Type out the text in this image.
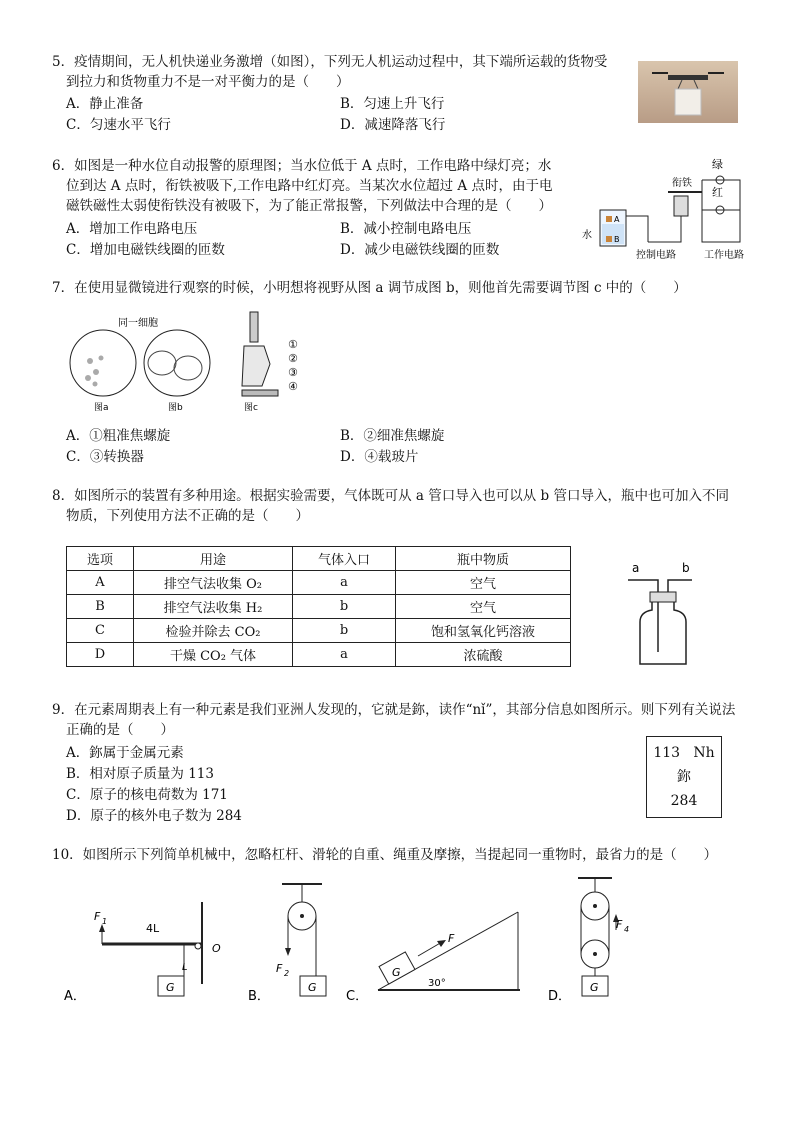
5．疫情期间，无人机快递业务激增（如图），下列无人机运动过程中，其下端所运载的货物受
到拉力和货物重力不是一对平衡力的是（　　）
A．静止准备	B．匀速上升飞行
C．匀速水平飞行	D．减速降落飞行
6．如图是一种水位自动报警的原理图；当水位低于 A 点时，工作电路中绿灯亮；水
位到达 A 点时，衔铁被吸下,工作电路中红灯亮。当某次水位超过 A 点时，由于电
磁铁磁性太弱使衔铁没有被吸下，为了能正常报警，下列做法中合理的是（　　）
A．增加工作电路电压	B．减小控制电路电压
C．增加电磁铁线圈的匝数	D．减少电磁铁线圈的匝数
绿
红
衔铁
A
B
水
控制电路	工作电路
7．在使用显微镜进行观察的时候，小明想将视野从图 a 调节成图 b，则他首先需要调节图 c 中的（　　）
同一细胞
图a	图b	图c
①
②
③
④
A．①粗准焦螺旋	B．②细准焦螺旋
C．③转换器	D．④载玻片
8．如图所示的装置有多种用途。根据实验需要，气体既可从 a 管口导入也可以从 b 管口导入，瓶中也可加入不同
物质，下列使用方法不正确的是（　　）
选项	用途	气体入口	瓶中物质
A	排空气法收集 O₂	a	空气
B	排空气法收集 H₂	b	空气
C	检验并除去 CO₂	b	饱和氢氧化钙溶液
D	干燥 CO₂ 气体	a	浓硫酸
a	b
9．在元素周期表上有一种元素是我们亚洲人发现的，它就是鉨，读作“nǐ”，其部分信息如图所示。则下列有关说法
正确的是（　　）
A．鉨属于金属元素
B．相对原子质量为 113
C．原子的核电荷数为 171
D．原子的核外电子数为 284
113 Nh
鉨
284
10．如图所示下列简单机械中，忽略杠杆、滑轮的自重、绳重及摩擦，当提起同一重物时，最省力的是（　　）
F 1
4L
O
L
G
A．
F 2
G
B．
G
F
30°
C．
F 4
G
D．
